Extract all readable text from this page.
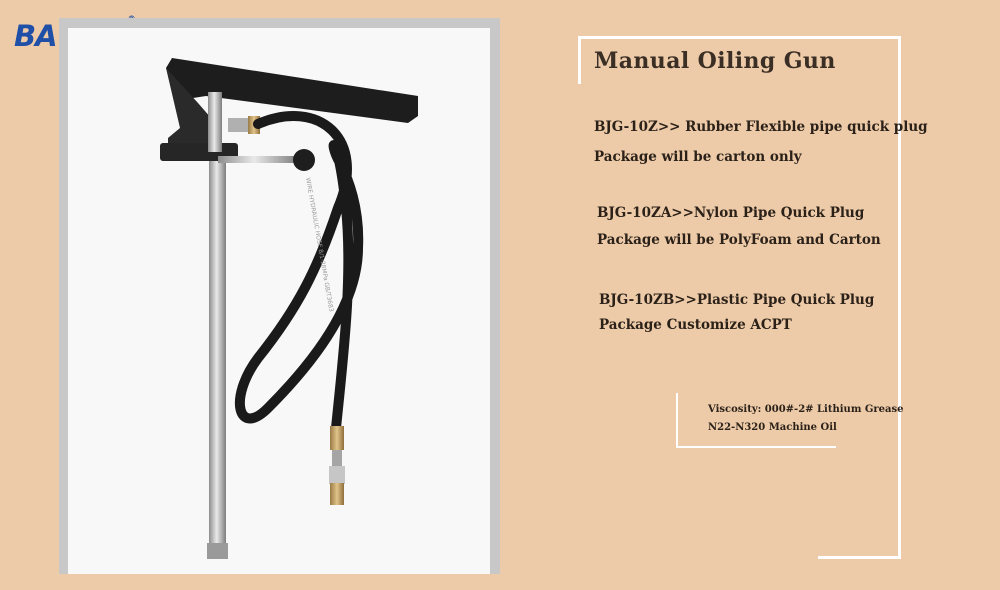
BA
WIRE HYDRAULIC HOSE 8/1-28MPa GB/T3683
Manual Oiling Gun
BJG-10Z>> Rubber Flexible pipe quick plug
Package will be carton only
BJG-10ZA>>Nylon Pipe Quick Plug
Package will be PolyFoam and Carton
BJG-10ZB>>Plastic Pipe Quick Plug
Package Customize ACPT
Viscosity: 000#-2# Lithium Grease
N22-N320 Machine Oil
